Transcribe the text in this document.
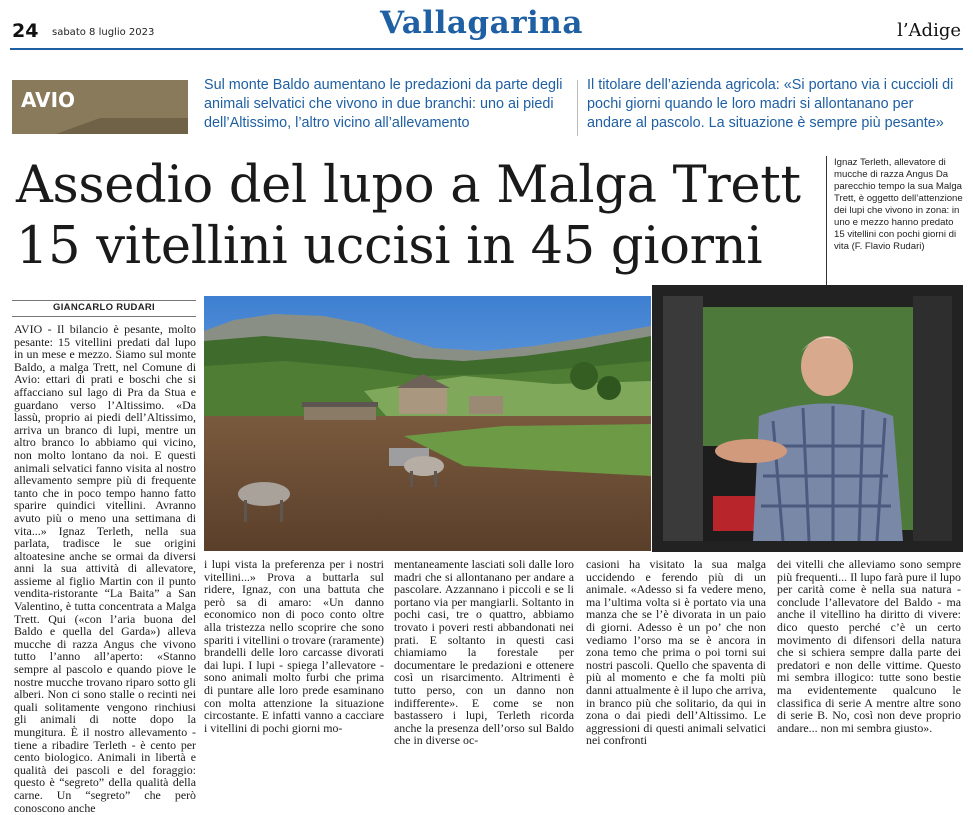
24 sabato 8 luglio 2023	Vallagarina	l’Adige
AVIO
Sul monte Baldo aumentano le predazioni da parte degli animali selvatici che vivono in due branchi: uno ai piedi dell’Altissimo, l’altro vicino all’allevamento
Il titolare dell’azienda agricola: «Si portano via i cuccioli di pochi giorni quando le loro madri si allontanano per andare al pascolo. La situazione è sempre più pesante»
Assedio del lupo a Malga Trett
15 vitellini uccisi in 45 giorni
Ignaz Terleth, allevatore di mucche di razza Angus Da parecchio tempo la sua Malga Trett, è oggetto dell’attenzione dei lupi che vivono in zona: in uno e mezzo hanno predato 15 vitellini con pochi giorni di vita (F. Flavio Rudari)
GIANCARLO RUDARI
AVIO - Il bilancio è pesante, molto pesante: 15 vitellini predati dal lupo in un mese e mezzo. Siamo sul monte Baldo, a malga Trett, nel Comune di Avio: ettari di prati e boschi che si affacciano sul lago di Pra da Stua e guardano verso l’Altissimo. «Da lassù, proprio ai piedi dell’Altissimo, arriva un branco di lupi, mentre un altro branco lo abbiamo qui vicino, non molto lontano da noi. E questi animali selvatici fanno visita al nostro allevamento sempre più di frequente tanto che in poco tempo hanno fatto sparire quindici vitellini. Avranno avuto più o meno una settimana di vita...» Ignaz Terleth, nella sua parlata, tradisce le sue origini altoatesine anche se ormai da diversi anni la sua attività di allevatore, assieme al figlio Martin con il punto vendita-ristorante “La Baita” a San Valentino, è tutta concentrata a Malga Trett. Qui («con l’aria buona del Baldo e quella del Garda») alleva mucche di razza Angus che vivono tutto l’anno all’aperto: «Stanno sempre al pascolo e quando piove le nostre mucche trovano riparo sotto gli alberi. Non ci sono stalle o recinti nei quali solitamente vengono rinchiusi gli animali di notte dopo la mungitura. È il nostro allevamento - tiene a ribadire Terleth - è cento per cento biologico. Animali in libertà e qualità dei pascoli e del foraggio: questo è “segreto” della qualità della carne. Un “segreto” che però conoscono anche
i lupi vista la preferenza per i nostri vitellini...» Prova a buttarla sul ridere, Ignaz, con una battuta che però sa di amaro: «Un danno economico non di poco conto oltre alla tristezza nello scoprire che sono spariti i vitellini o trovare (raramente) brandelli delle loro carcasse divorati dai lupi. I lupi - spiega l’allevatore - sono animali molto furbi che prima di puntare alle loro prede esaminano con molta attenzione la situazione circostante. E infatti vanno a cacciare i vitellini di pochi giorni mo-
mentaneamente lasciati soli dalle loro madri che si allontanano per andare a pascolare. Azzannano i piccoli e se li portano via per mangiarli. Soltanto in pochi casi, tre o quattro, abbiamo trovato i poveri resti abbandonati nei prati. E soltanto in questi casi chiamiamo la forestale per documentare le predazioni e ottenere così un risarcimento. Altrimenti è tutto perso, con un danno non indifferente». E come se non bastassero i lupi, Terleth ricorda anche la presenza dell’orso sul Baldo che in diverse oc-
casioni ha visitato la sua malga uccidendo e ferendo più di un animale. «Adesso si fa vedere meno, ma l’ultima volta si è portato via una manza che se l’è divorata in un paio di giorni. Adesso è un po’ che non vediamo l’orso ma se è ancora in zona temo che prima o poi torni sui nostri pascoli. Quello che spaventa di più al momento e che fa molti più danni attualmente è il lupo che arriva, in branco più che solitario, da qui in zona o dai piedi dell’Altissimo. Le aggressioni di questi animali selvatici nei confronti
dei vitelli che alleviamo sono sempre più frequenti... Il lupo farà pure il lupo per carità come è nella sua natura - conclude l’allevatore del Baldo - ma anche il vitellino ha diritto di vivere: dico questo perché c’è un certo movimento di difensori della natura che si schiera sempre dalla parte dei predatori e non delle vittime. Questo mi sembra illogico: tutte sono bestie ma evidentemente qualcuno le classifica di serie A mentre altre sono di serie B. No, così non deve proprio andare... non mi sembra giusto».
